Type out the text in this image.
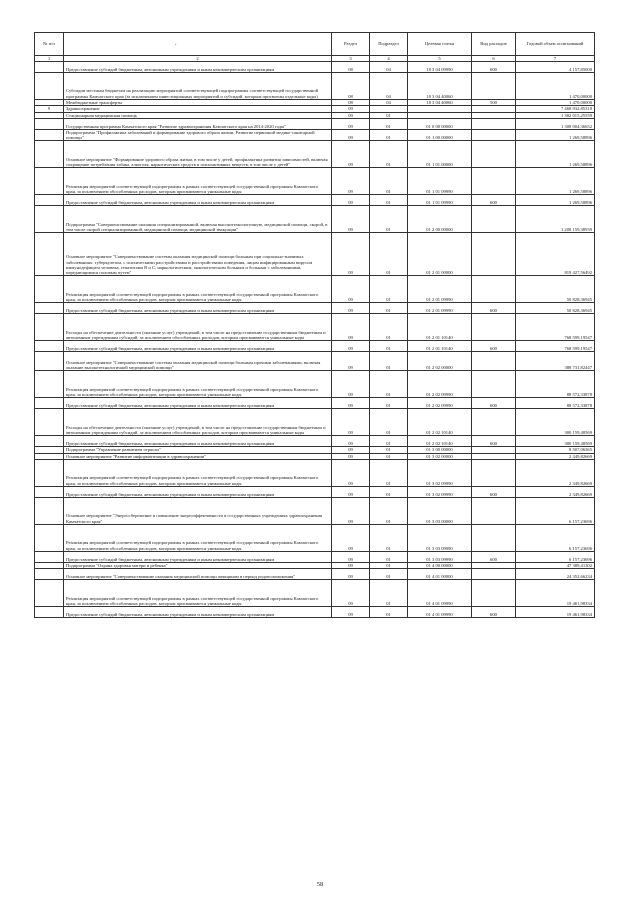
‘
№ п/п		Раздел	Подраздел	Целевая статья	Вид расходов	Годовой объем ассигнований
1	2	3	4	5	6	7
	Предоставление субсидий бюджетным, автономным учреждениям и иным некоммерческим организациям	08	04	18 3 04 09990	600	4 157,85000
	Субсидии местным бюджетам на реализацию мероприятий соответствующей подпрограммы соответствующей государственной программы Камчатского края (за исключением инвестиционных мероприятий и субсидий, которым присвоены отдельные коды)	08	04	18 3 04 40060		1 470,00000
	Межбюджетные трансферты	08	04	18 3 04 40060	500	1 470,00000
9	Здравоохранение	09				7 468 932,85318
	Стационарная медицинская помощь	09	01			1 382 015,25559
	Государственная программа Камчатского края "Развитие здравоохранения Камчатского края на 2014-2020 годы"	09	01	01 0 00 00000		1 308 004,36652
	Подпрограмма "Профилактика заболеваний и формирование здорового образа жизни. Развитие первичной медико-санитарной помощи"	09	01	01 1 00 00000		1 269,58896
	Основное мероприятие "Формирование здорового образа жизни, в том числе у детей, профилактика развития зависимостей, включая сокращение потребления табака, алкоголя, наркотических средств и психоактивных веществ, в том числе у детей"	09	01	01 1 01 00000		1 269,58896
	Реализация мероприятий соответствующей подпрограммы в рамках соответствующей государственной программы Камчатского края, за исключением обособленных расходов, которым присваиваются уникальные коды	09	01	01 1 01 09990		1 269,58896
	Предоставление субсидий бюджетным, автономным учреждениям и иным некоммерческим организациям	09	01	01 1 01 09990	600	1 269,58896
	Подпрограмма "Совершенствование оказания специализированной, включая высокотехнологичную, медицинской помощи, скорой, в том числе скорой специализированной, медицинской помощи, медицинской эвакуации"	09	01	01 2 00 00000		1 208 159,38939
	Основное мероприятие "Совершенствование системы оказания медицинской помощи больным при социально-значимых заболеваниях: туберкулезом, с психическими расстройствами и расстройствами поведения, лицам инфицированным вирусом иммунодефицита человека, гепатитами В и С, наркологическим, онкологическим больным и больным с заболеваниями, передающимися половым путем"	09	01	01 2 01 00000		819 427,56492
	Реализация мероприятий соответствующей подпрограммы в рамках соответствующей государственной программы Камчатского края, за исключением обособленных расходов, которым присваиваются уникальные коды	09	01	01 2 01 09990		50 828,36945
	Предоставление субсидий бюджетным, автономным учреждениям и иным некоммерческим организациям	09	01	01 2 01 09990	600	50 828,36945
	Расходы на обеспечение деятельности (оказание услуг) учреждений, в том числе на предоставление государственным бюджетным и автономным учреждениям субсидий, за исключением обособленных расходов, которым присваиваются уникальные коды	09	01	01 2 01 10140		768 599,19547
	Предоставление субсидий бюджетным, автономным учреждениям и иным некоммерческим организациям	09	01	01 2 01 10140	600	768 599,19547
	Основное мероприятие "Совершенствование системы оказания медицинской помощи больным прочими заболеваниями, включая оказание высокотехнологичной медицинской помощи"	09	01	01 2 02 00000		388 731,82447
	Реализация мероприятий соответствующей подпрограммы в рамках соответствующей государственной программы Камчатского края, за исключением обособленных расходов, которым присваиваются уникальные коды	09	01	01 2 02 09990		88 572,33878
	Предоставление субсидий бюджетным, автономным учреждениям и иным некоммерческим организациям	09	01	01 2 02 09990	600	88 572,33878
	Расходы на обеспечение деятельности (оказание услуг) учреждений, в том числе на предоставление государственным бюджетным и автономным учреждениям субсидий, за исключением обособленных расходов, которым присваиваются уникальные коды	09	01	01 2 02 10140		300 159,48569
	Предоставление субсидий бюджетным, автономным учреждениям и иным некоммерческим организациям	09	01	01 2 02 10140	600	300 159,48569
	Подпрограмма "Управление развитием отрасли"	09	01	01 3 00 00000		8 507,06365
	Основное мероприятие "Развитие информатизации в здравоохранении"	09	01	01 3 02 00000		2 349,82669
	Реализация мероприятий соответствующей подпрограммы в рамках соответствующей государственной программы Камчатского края, за исключением обособленных расходов, которым присваиваются уникальные коды	09	01	01 3 02 09990		2 349,82669
	Предоставление субсидий бюджетным, автономным учреждениям и иным некоммерческим организациям	09	01	01 3 02 09990	600	2 349,82669
	Основное мероприятие "Энергосбережение и повышение энергоэффективности в государственных учреждениях здравоохранения Камчатского края"	09	01	01 3 03 00000		6 157,23696
	Реализация мероприятий соответствующей подпрограммы в рамках соответствующей государственной программы Камчатского края, за исключением обособленных расходов, которым присваиваются уникальные коды	09	01	01 3 03 09990		6 157,23696
	Предоставление субсидий бюджетным, автономным учреждениям и иным некоммерческим организациям	09	01	01 3 03 09990	600	6 157,23696
	Подпрограмма "Охрана здоровья матери и ребенка"	09	01	01 4 00 00000		47 389,41302
	Основное мероприятие "Совершенствование оказания медицинской помощи женщинам в период родовспоможения"	09	01	01 4 01 00000		24 352,66234
	Реализация мероприятий соответствующей подпрограммы в рамках соответствующей государственной программы Камчатского края, за исключением обособленных расходов, которым присваиваются уникальные коды	09	01	01 4 01 09990		19 461,98334
	Предоставление субсидий бюджетным, автономным учреждениям и иным некоммерческим организациям	09	01	01 4 01 09990	600	19 461,98334
58
